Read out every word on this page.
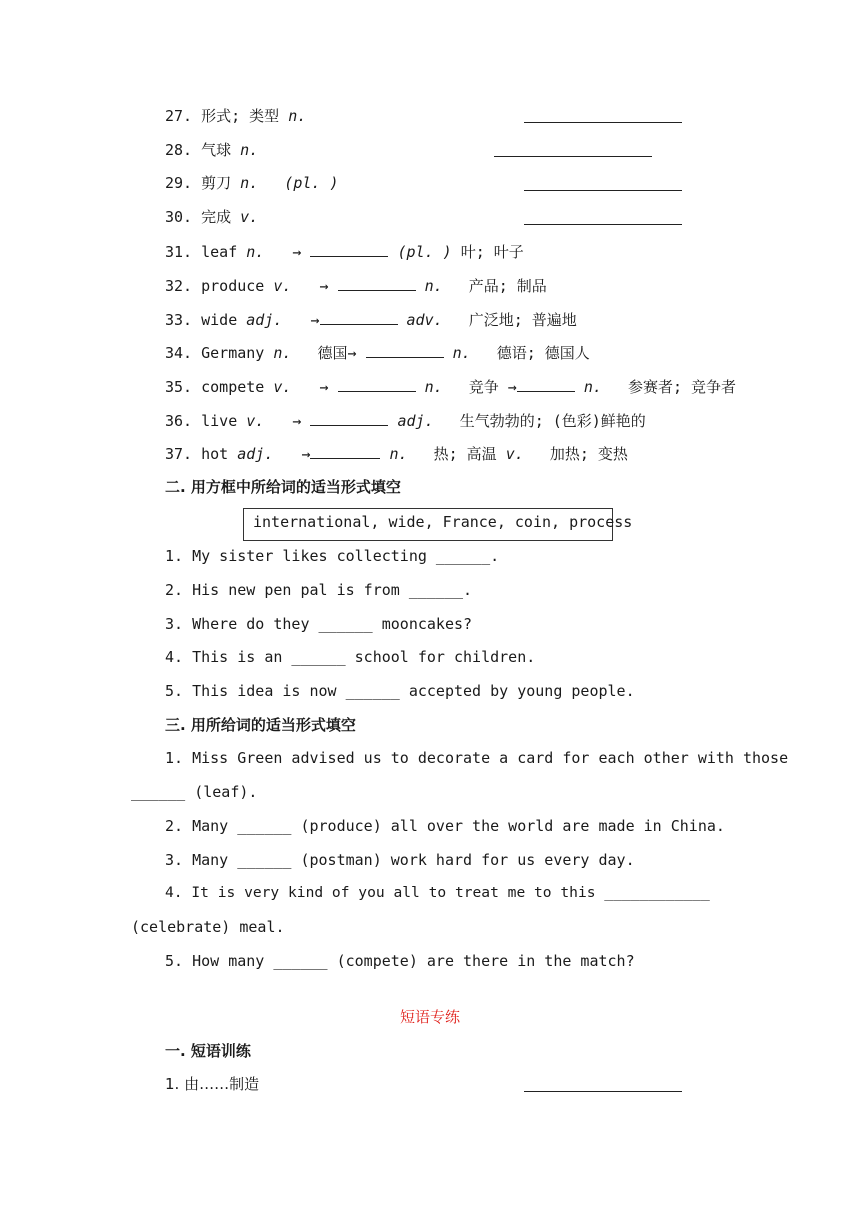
27. 形式; 类型 n.
28. 气球 n.
29. 剪刀 n. (pl. )
30. 完成 v.
31. leaf n. →	(pl. ) 叶; 叶子
32. produce v. →	n. 产品; 制品
33. wide adj. →	adv. 广泛地; 普遍地
34. Germany n. 德国→	n. 德语; 德国人
35. compete v. →	n. 竞争 →	n. 参赛者; 竞争者
36. live v. →	adj. 生气勃勃的; (色彩)鲜艳的
37. hot adj. →	n. 热; 高温 v. 加热; 变热
二. 用方框中所给词的适当形式填空
international, wide, France, coin, process
1. My sister likes collecting ______.
2. His new pen pal is from ______.
3. Where do they ______ mooncakes?
4. This is an ______ school for children.
5. This idea is now ______ accepted by young people.
三. 用所给词的适当形式填空
1. Miss Green advised us to decorate a card for each other with those
______ (leaf).
2. Many ______ (produce) all over the world are made in China.
3. Many ______ (postman) work hard for us every day.
4. It is very kind of you all to treat me to this ____________
(celebrate) meal.
5. How many ______ (compete) are there in the match?
短语专练
一. 短语训练
1. 由……制造
